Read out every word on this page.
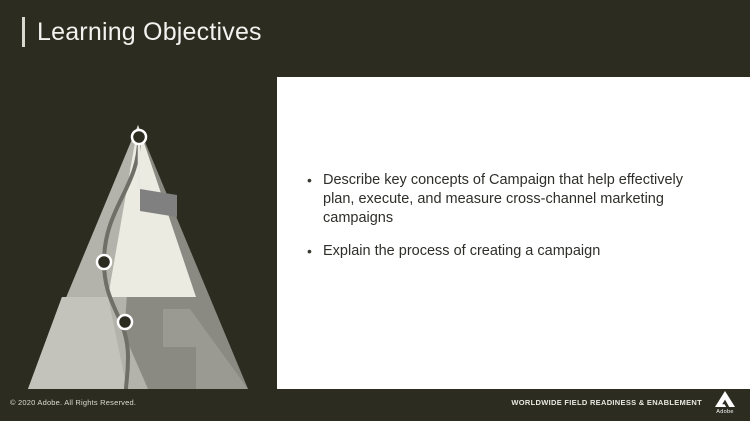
Learning Objectives
• Describe key concepts of Campaign that help effectively plan, execute, and measure cross-channel marketing campaigns
• Explain the process of creating a campaign
© 2020 Adobe. All Rights Reserved.	WORLDWIDE FIELD READINESS & ENABLEMENT
Adobe
